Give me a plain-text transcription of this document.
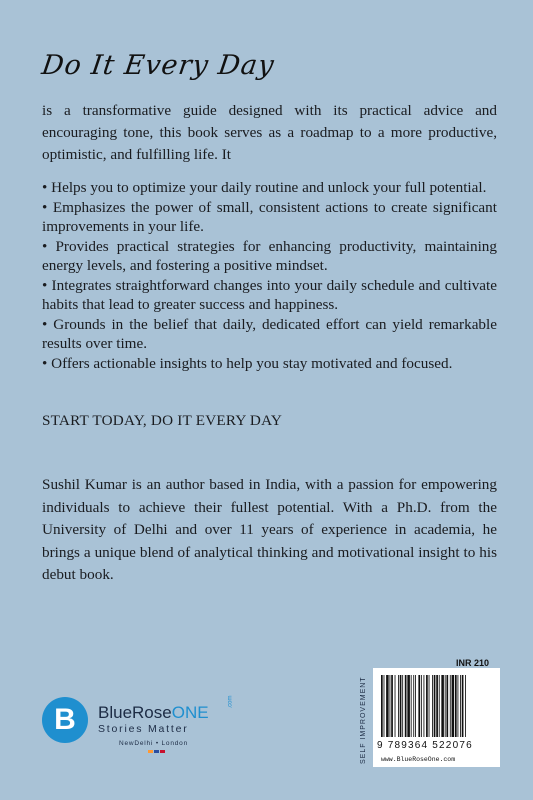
Do It Every Day
is a transformative guide designed with its practical advice and encouraging tone, this book serves as a roadmap to a more productive, optimistic, and fulfilling life. It
• Helps you to optimize your daily routine and unlock your full potential.
• Emphasizes the power of small, consistent actions to create significant improvements in your life.
• Provides practical strategies for enhancing productivity, maintaining energy levels, and fostering a positive mindset.
• Integrates straightforward changes into your daily schedule and cultivate habits that lead to greater success and happiness.
• Grounds in the belief that daily, dedicated effort can yield remarkable results over time.
• Offers actionable insights to help you stay motivated and focused.
START TODAY, DO IT EVERY DAY
Sushil Kumar is an author based in India, with a passion for empowering individuals to achieve their fullest potential. With a Ph.D. from the University of Delhi and over 11 years of experience in academia, he brings a unique blend of analytical thinking and motivational insight to his debut book.
B	BlueRoseONE
.com
Stories Matter
NewDelhi • London	SELF IMPROVEMENT
INR 210
9 789364 522076
www.BlueRoseOne.com
